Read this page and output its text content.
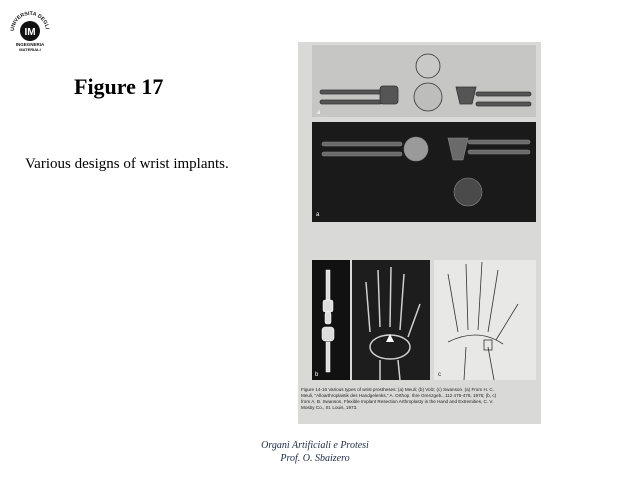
UNIVERSITA DEGLI
IM
INGEGNERIA
MATERIALI
Figure 17
Various designs of wrist implants.
a
a
b	c
Figure 14-16 Various types of wrist prostheses: (a) Meuli; (b) Volz; (c) Swanson. (a) From H. C.
Meuli, "Alloarthroplastik des Handgelenks," A. Orthop. Ihre Grenzgeb., 112 476-478, 1975; (b, c)
from A. B. Swanson, Flexible Implant Resection Arthroplasty in the Hand and Extremities, C. V.
Mosby Co., St. Louis, 1973.
Organi Artificiali e Protesi
Prof. O. Sbaizero
